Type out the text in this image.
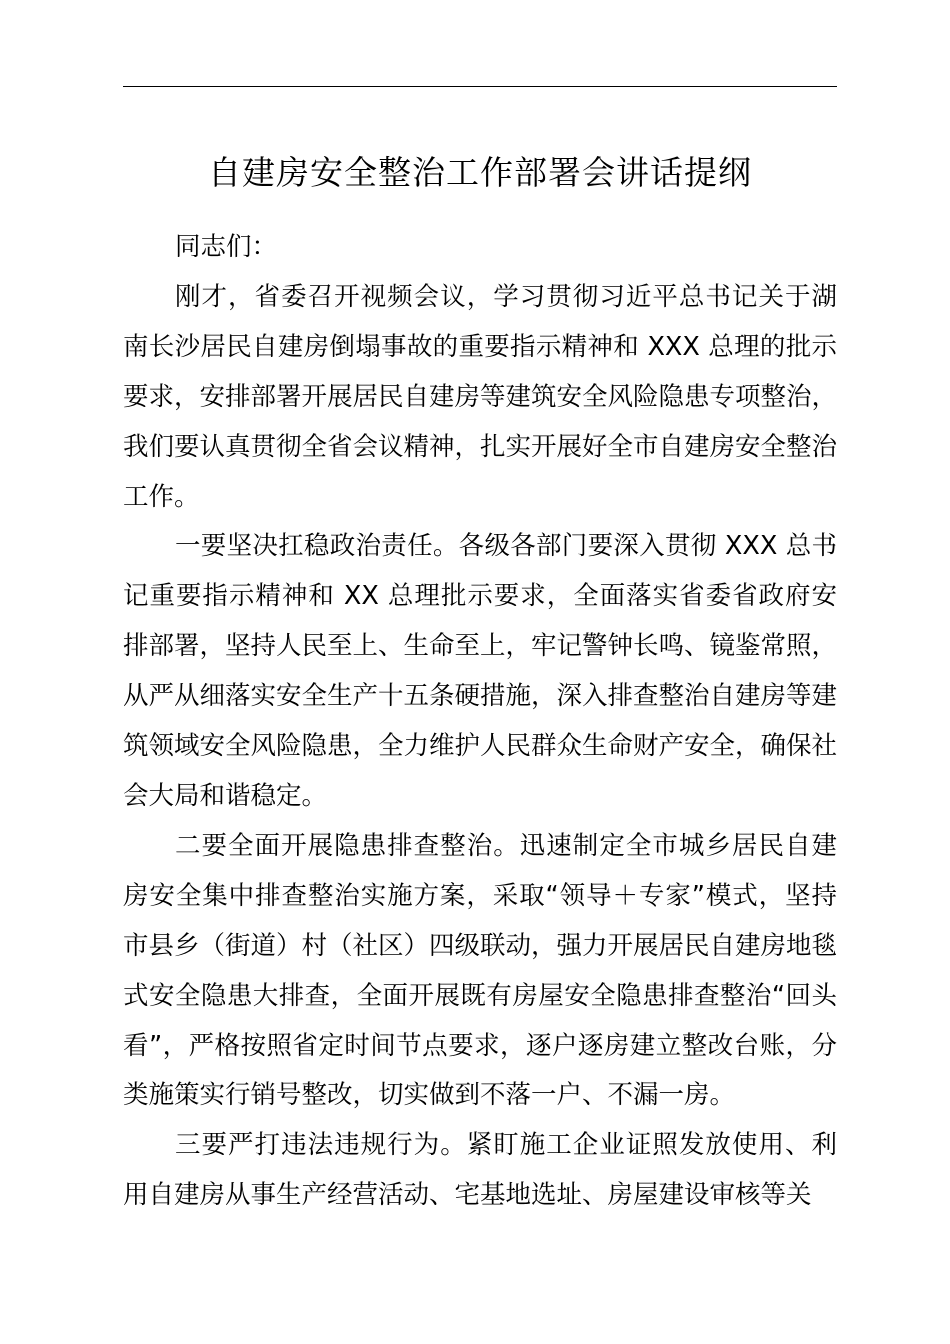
自建房安全整治工作部署会讲话提纲

同志们：

刚才，省委召开视频会议，学习贯彻习近平总书记关于湖南长沙居民自建房倒塌事故的重要指示精神和 XXX 总理的批示要求，安排部署开展居民自建房等建筑安全风险隐患专项整治，我们要认真贯彻全省会议精神，扎实开展好全市自建房安全整治工作。

一要坚决扛稳政治责任。各级各部门要深入贯彻 XXX 总书记重要指示精神和 XX 总理批示要求，全面落实省委省政府安排部署，坚持人民至上、生命至上，牢记警钟长鸣、镜鉴常照，从严从细落实安全生产十五条硬措施，深入排查整治自建房等建筑领域安全风险隐患，全力维护人民群众生命财产安全，确保社会大局和谐稳定。

二要全面开展隐患排查整治。迅速制定全市城乡居民自建房安全集中排查整治实施方案，采取“领导＋专家”模式，坚持市县乡（街道）村（社区）四级联动，强力开展居民自建房地毯式安全隐患大排查，全面开展既有房屋安全隐患排查整治“回头看”，严格按照省定时间节点要求，逐户逐房建立整改台账，分类施策实行销号整改，切实做到不落一户、不漏一房。

三要严打违法违规行为。紧盯施工企业证照发放使用、利用自建房从事生产经营活动、宅基地选址、房屋建设审核等关
